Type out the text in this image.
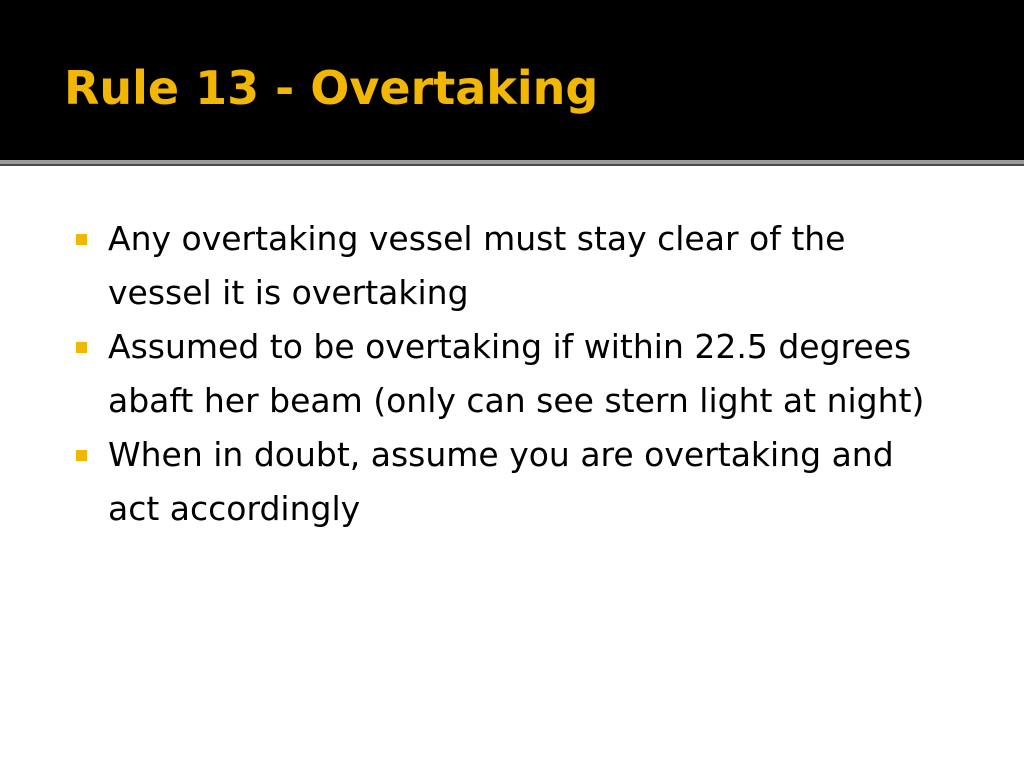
Rule 13 - Overtaking
Any overtaking vessel must stay clear of the vessel it is overtaking
Assumed to be overtaking if within 22.5 degrees abaft her beam (only can see stern light at night)
When in doubt, assume you are overtaking and act accordingly
